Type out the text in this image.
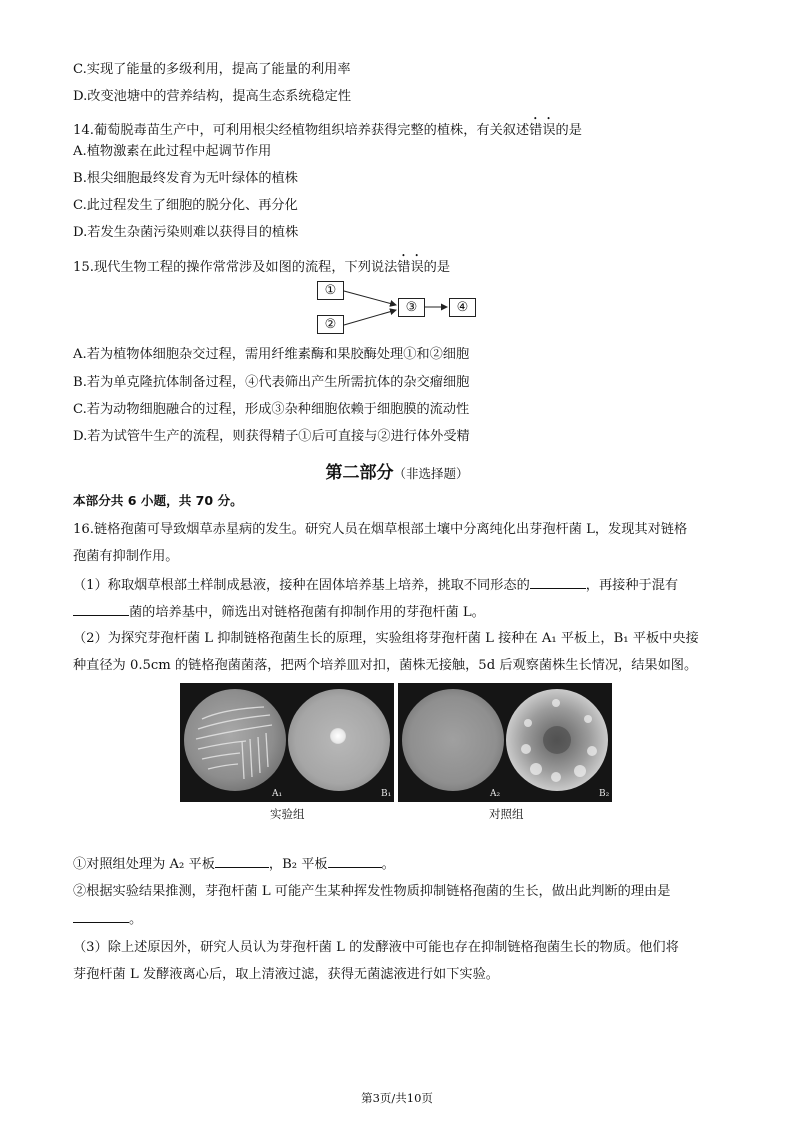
C.实现了能量的多级利用，提高了能量的利用率
D.改变池塘中的营养结构，提高生态系统稳定性
14.葡萄脱毒苗生产中，可利用根尖经植物组织培养获得完整的植株，有关叙述错误的是
A.植物激素在此过程中起调节作用
B.根尖细胞最终发育为无叶绿体的植株
C.此过程发生了细胞的脱分化、再分化
D.若发生杂菌污染则难以获得目的植株
15.现代生物工程的操作常常涉及如图的流程，下列说法错误的是
①
②
③	④
A.若为植物体细胞杂交过程，需用纤维素酶和果胶酶处理①和②细胞
B.若为单克隆抗体制备过程，④代表筛出产生所需抗体的杂交瘤细胞
C.若为动物细胞融合的过程，形成③杂种细胞依赖于细胞膜的流动性
D.若为试管牛生产的流程，则获得精子①后可直接与②进行体外受精
第二部分（非选择题）
本部分共 6 小题，共 70 分。
16.链格孢菌可导致烟草赤星病的发生。研究人员在烟草根部土壤中分离纯化出芽孢杆菌 L，发现其对链格
孢菌有抑制作用。
（1）称取烟草根部土样制成悬液，接种在固体培养基上培养，挑取不同形态的	，再接种于混有
菌的培养基中，筛选出对链格孢菌有抑制作用的芽孢杆菌 L。
（2）为探究芽孢杆菌 L 抑制链格孢菌生长的原理，实验组将芽孢杆菌 L 接种在 A₁ 平板上，B₁ 平板中央接
种直径为 0.5cm 的链格孢菌菌落，把两个培养皿对扣，菌株无接触，5d 后观察菌株生长情况，结果如图。
A₁	B₁	A₂	B₂
实验组	对照组
①对照组处理为 A₂ 平板	，B₂ 平板	。
②根据实验结果推测，芽孢杆菌 L 可能产生某种挥发性物质抑制链格孢菌的生长，做出此判断的理由是
。
（3）除上述原因外，研究人员认为芽孢杆菌 L 的发酵液中可能也存在抑制链格孢菌生长的物质。他们将
芽孢杆菌 L 发酵液离心后，取上清液过滤，获得无菌滤液进行如下实验。
第3页/共10页
